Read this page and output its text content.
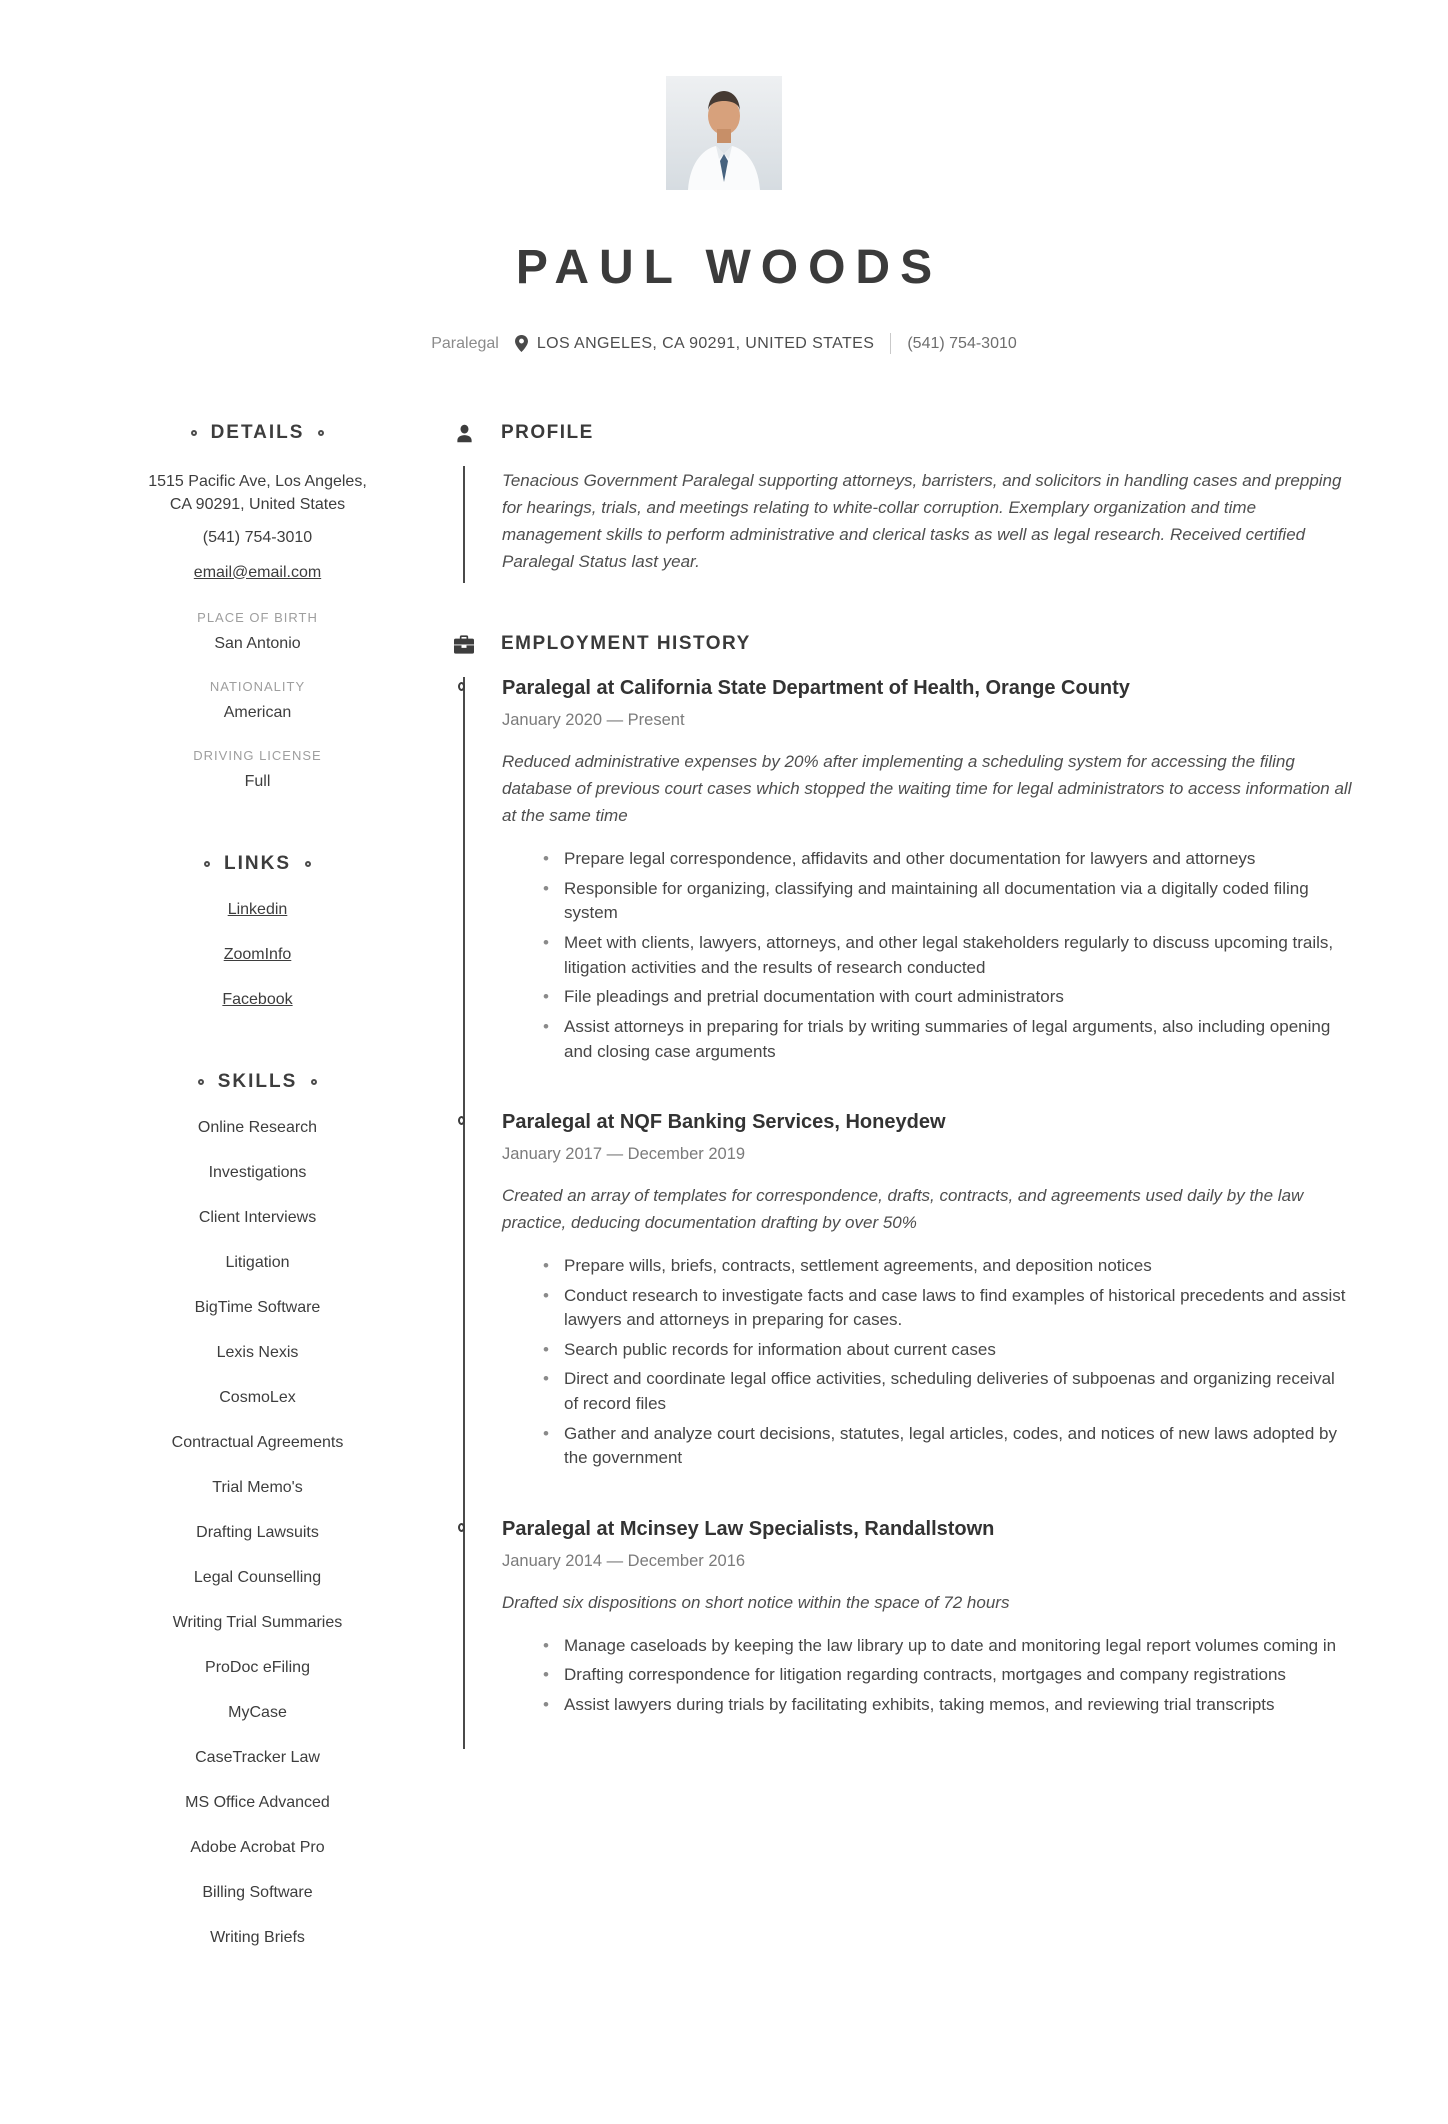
PAUL WOODS
Paralegal LOS ANGELES, CA 90291, UNITED STATES (541) 754-3010
DETAILS

1515 Pacific Ave, Los Angeles, CA 90291, United States

(541) 754-3010

email@email.com

PLACE OF BIRTH
San Antonio
NATIONALITY
American
DRIVING LICENSE
Full
LINKS

Linkedin

ZoomInfo

Facebook

SKILLS
Online Research
Investigations
Client Interviews
Litigation
BigTime Software
Lexis Nexis
CosmoLex
Contractual Agreements
Trial Memo's
Drafting Lawsuits
Legal Counselling
Writing Trial Summaries
ProDoc eFiling
MyCase
CaseTracker Law
MS Office Advanced
Adobe Acrobat Pro
Billing Software
Writing Briefs
PROFILE

Tenacious Government Paralegal supporting attorneys, barristers, and solicitors in handling cases and prepping for hearings, trials, and meetings relating to white-collar corruption. Exemplary organization and time management skills to perform administrative and clerical tasks as well as legal research. Received certified Paralegal Status last year.

EMPLOYMENT HISTORY
Paralegal at California State Department of Health, Orange County
January 2020 — Present

Reduced administrative expenses by 20% after implementing a scheduling system for accessing the filing database of previous court cases which stopped the waiting time for legal administrators to access information all at the same time

• Prepare legal correspondence, affidavits and other documentation for lawyers and attorneys
• Responsible for organizing, classifying and maintaining all documentation via a digitally coded filing system
• Meet with clients, lawyers, attorneys, and other legal stakeholders regularly to discuss upcoming trails, litigation activities and the results of research conducted
• File pleadings and pretrial documentation with court administrators
• Assist attorneys in preparing for trials by writing summaries of legal arguments, also including opening and closing case arguments
Paralegal at NQF Banking Services, Honeydew
January 2017 — December 2019

Created an array of templates for correspondence, drafts, contracts, and agreements used daily by the law practice, deducing documentation drafting by over 50%

• Prepare wills, briefs, contracts, settlement agreements, and deposition notices
• Conduct research to investigate facts and case laws to find examples of historical precedents and assist lawyers and attorneys in preparing for cases.
• Search public records for information about current cases
• Direct and coordinate legal office activities, scheduling deliveries of subpoenas and organizing receival of record files
• Gather and analyze court decisions, statutes, legal articles, codes, and notices of new laws adopted by the government
Paralegal at Mcinsey Law Specialists, Randallstown
January 2014 — December 2016

Drafted six dispositions on short notice within the space of 72 hours

• Manage caseloads by keeping the law library up to date and monitoring legal report volumes coming in
• Drafting correspondence for litigation regarding contracts, mortgages and company registrations
• Assist lawyers during trials by facilitating exhibits, taking memos, and reviewing trial transcripts
